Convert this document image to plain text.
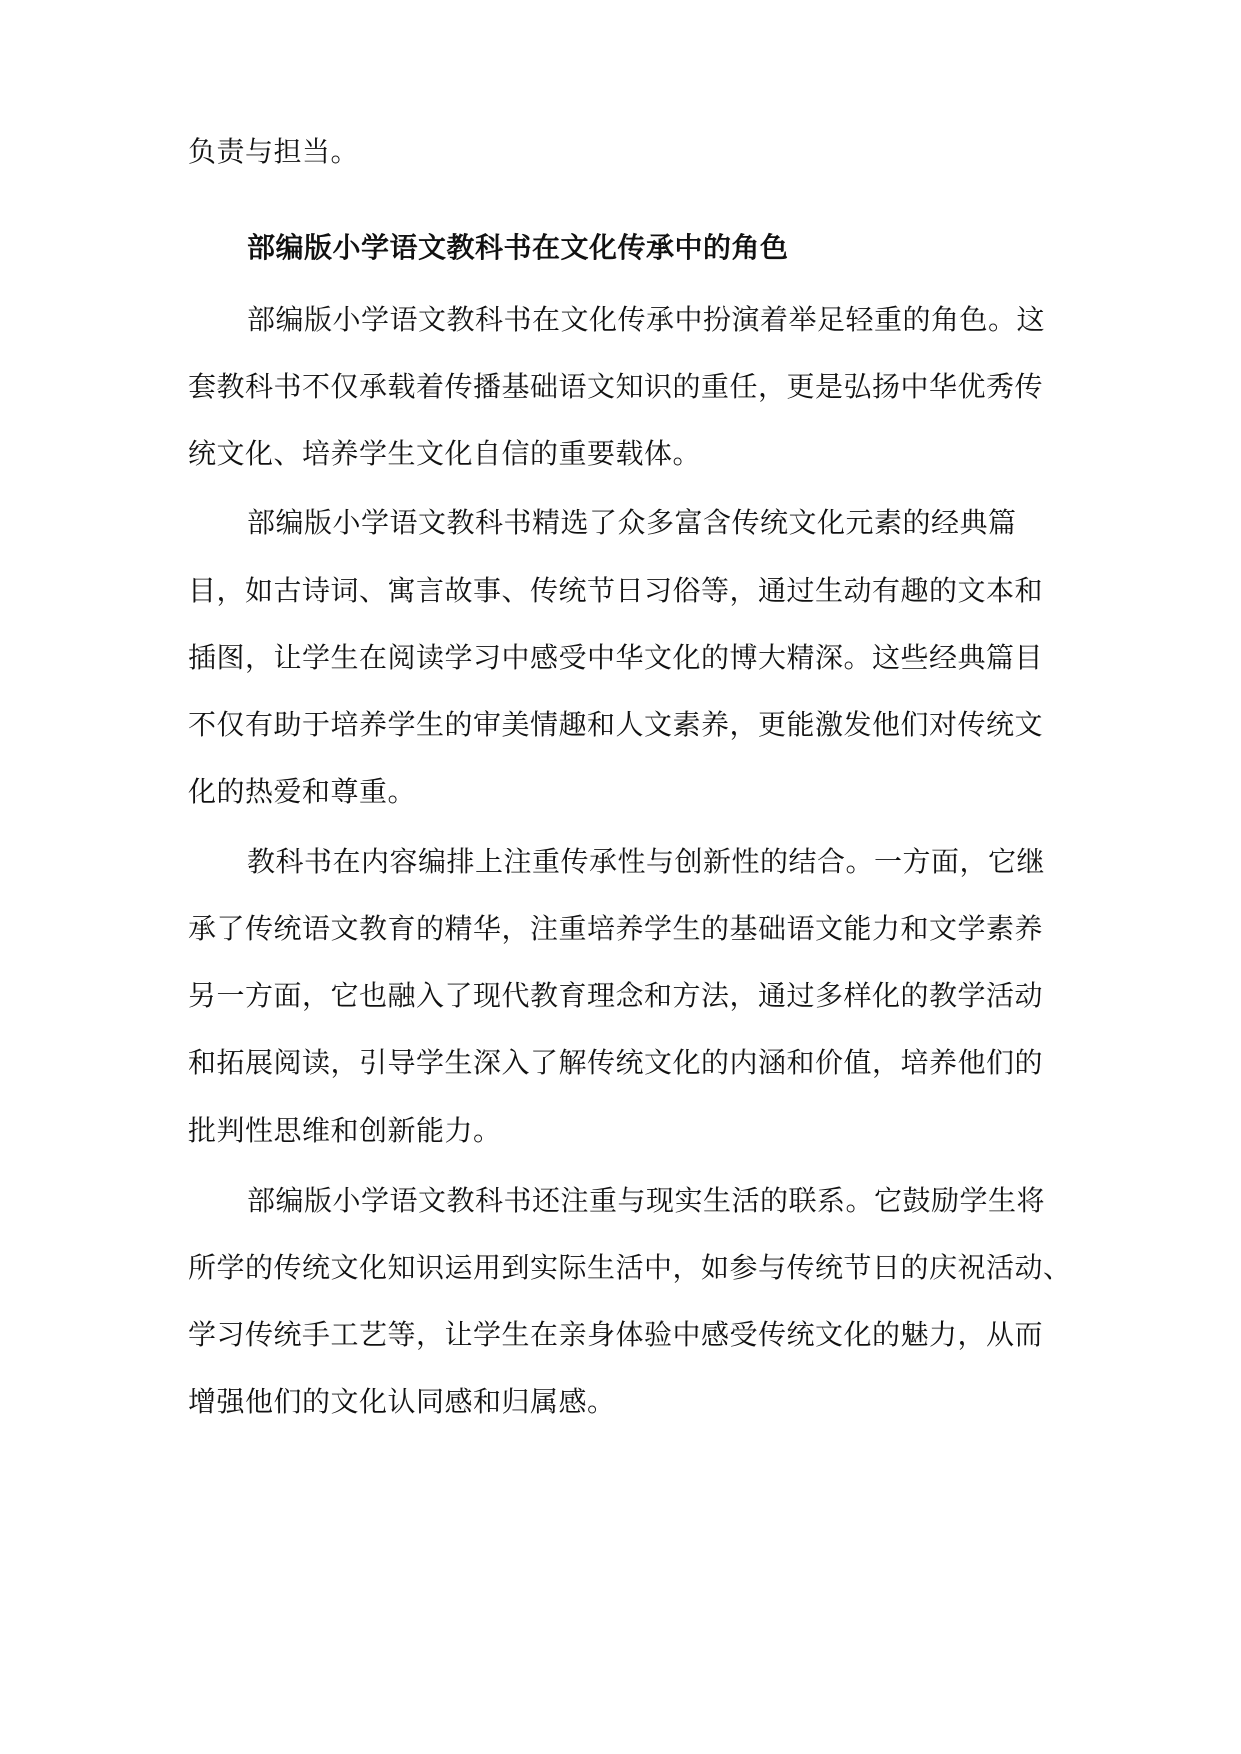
负责与担当。
部编版小学语文教科书在文化传承中的角色
部编版小学语文教科书在文化传承中扮演着举足轻重的角色。这
套教科书不仅承载着传播基础语文知识的重任，更是弘扬中华优秀传
统文化、培养学生文化自信的重要载体。
部编版小学语文教科书精选了众多富含传统文化元素的经典篇
目，如古诗词、寓言故事、传统节日习俗等，通过生动有趣的文本和
插图，让学生在阅读学习中感受中华文化的博大精深。这些经典篇目
不仅有助于培养学生的审美情趣和人文素养，更能激发他们对传统文
化的热爱和尊重。
教科书在内容编排上注重传承性与创新性的结合。一方面，它继
承了传统语文教育的精华，注重培养学生的基础语文能力和文学素养
另一方面，它也融入了现代教育理念和方法，通过多样化的教学活动
和拓展阅读，引导学生深入了解传统文化的内涵和价值，培养他们的
批判性思维和创新能力。
部编版小学语文教科书还注重与现实生活的联系。它鼓励学生将
所学的传统文化知识运用到实际生活中，如参与传统节日的庆祝活动、
学习传统手工艺等，让学生在亲身体验中感受传统文化的魅力，从而
增强他们的文化认同感和归属感。
